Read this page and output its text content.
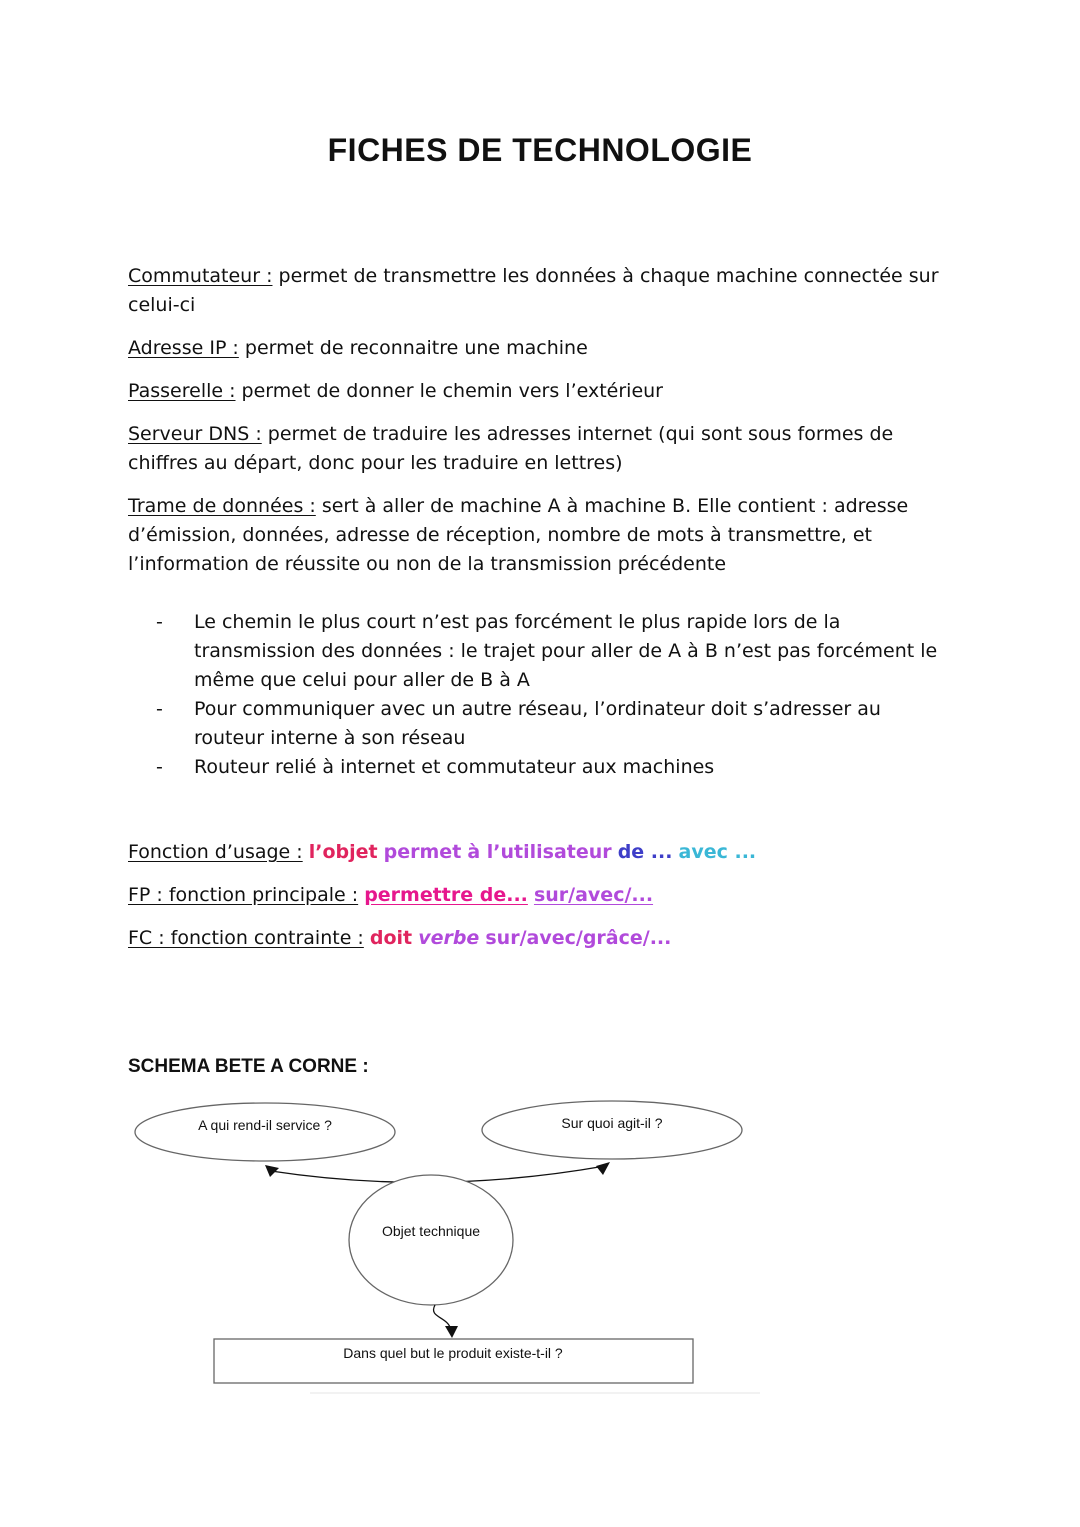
FICHES DE TECHNOLOGIE

Commutateur : permet de transmettre les données à chaque machine connectée sur celui-ci

Adresse IP : permet de reconnaitre une machine

Passerelle : permet de donner le chemin vers l’extérieur

Serveur DNS : permet de traduire les adresses internet (qui sont sous formes de chiffres au départ, donc pour les traduire en lettres)

Trame de données : sert à aller de machine A à machine B. Elle contient : adresse d’émission, données, adresse de réception, nombre de mots à transmettre, et l’information de réussite ou non de la transmission précédente

- Le chemin le plus court n’est pas forcément le plus rapide lors de la transmission des données : le trajet pour aller de A à B n’est pas forcément le même que celui pour aller de B à A
- Pour communiquer avec un autre réseau, l’ordinateur doit s’adresser au routeur interne à son réseau
- Routeur relié à internet et commutateur aux machines

Fonction d’usage : l’objet permet à l’utilisateur de ... avec ...

FP : fonction principale : permettre de... sur/avec/...

FC : fonction contrainte : doit verbe sur/avec/grâce/...

SCHEMA BETE A CORNE :
A qui rend-il service ?	Sur quoi agit-il ?
Objet technique
Dans quel but le produit existe-t-il ?
